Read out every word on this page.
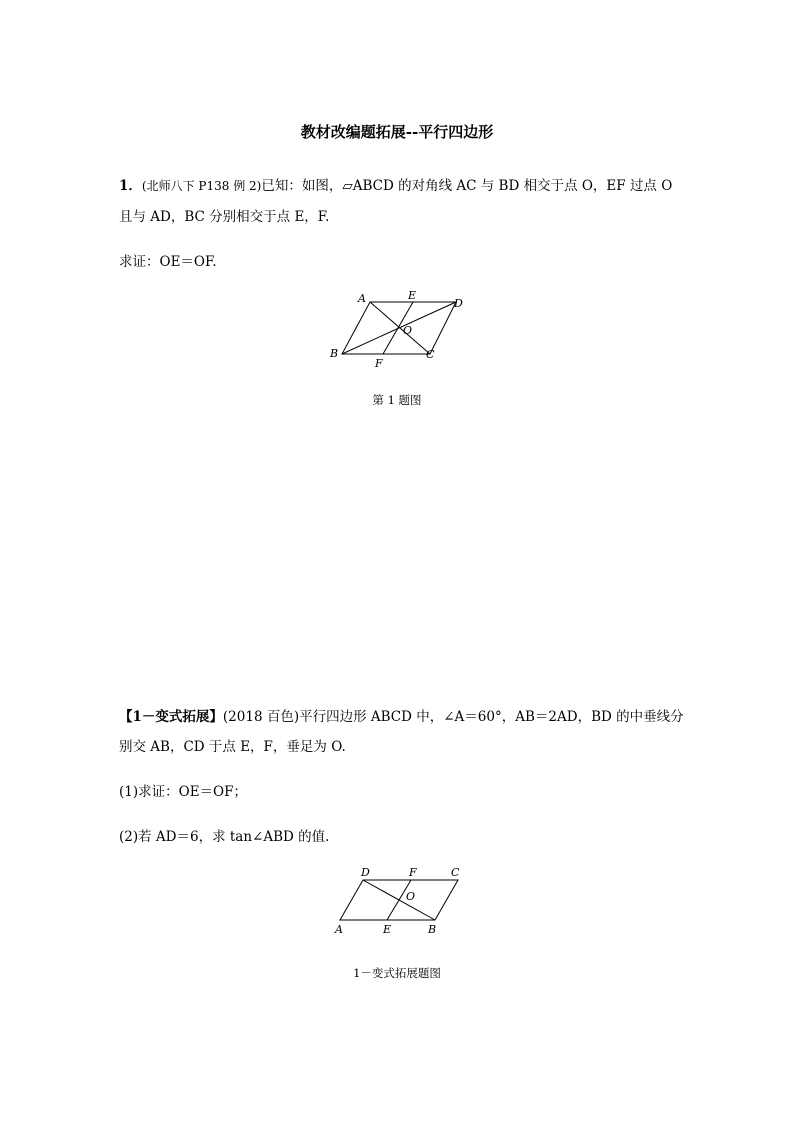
教材改编题拓展--平行四边形
1．(北师八下 P138 例 2)已知：如图，▱ABCD 的对角线 AC 与 BD 相交于点 O，EF 过点 O
且与 AD，BC 分别相交于点 E，F.
求证：OE＝OF.
A	E
D
O
B
F
C
第 1 题图
【1－变式拓展】(2018 百色)平行四边形 ABCD 中，∠A＝60°，AB＝2AD，BD 的中垂线分
别交 AB，CD 于点 E，F，垂足为 O.
(1)求证：OE＝OF；
(2)若 AD＝6，求 tan∠ABD 的值.
D	F	C
O
A	E	B
1－变式拓展题图
